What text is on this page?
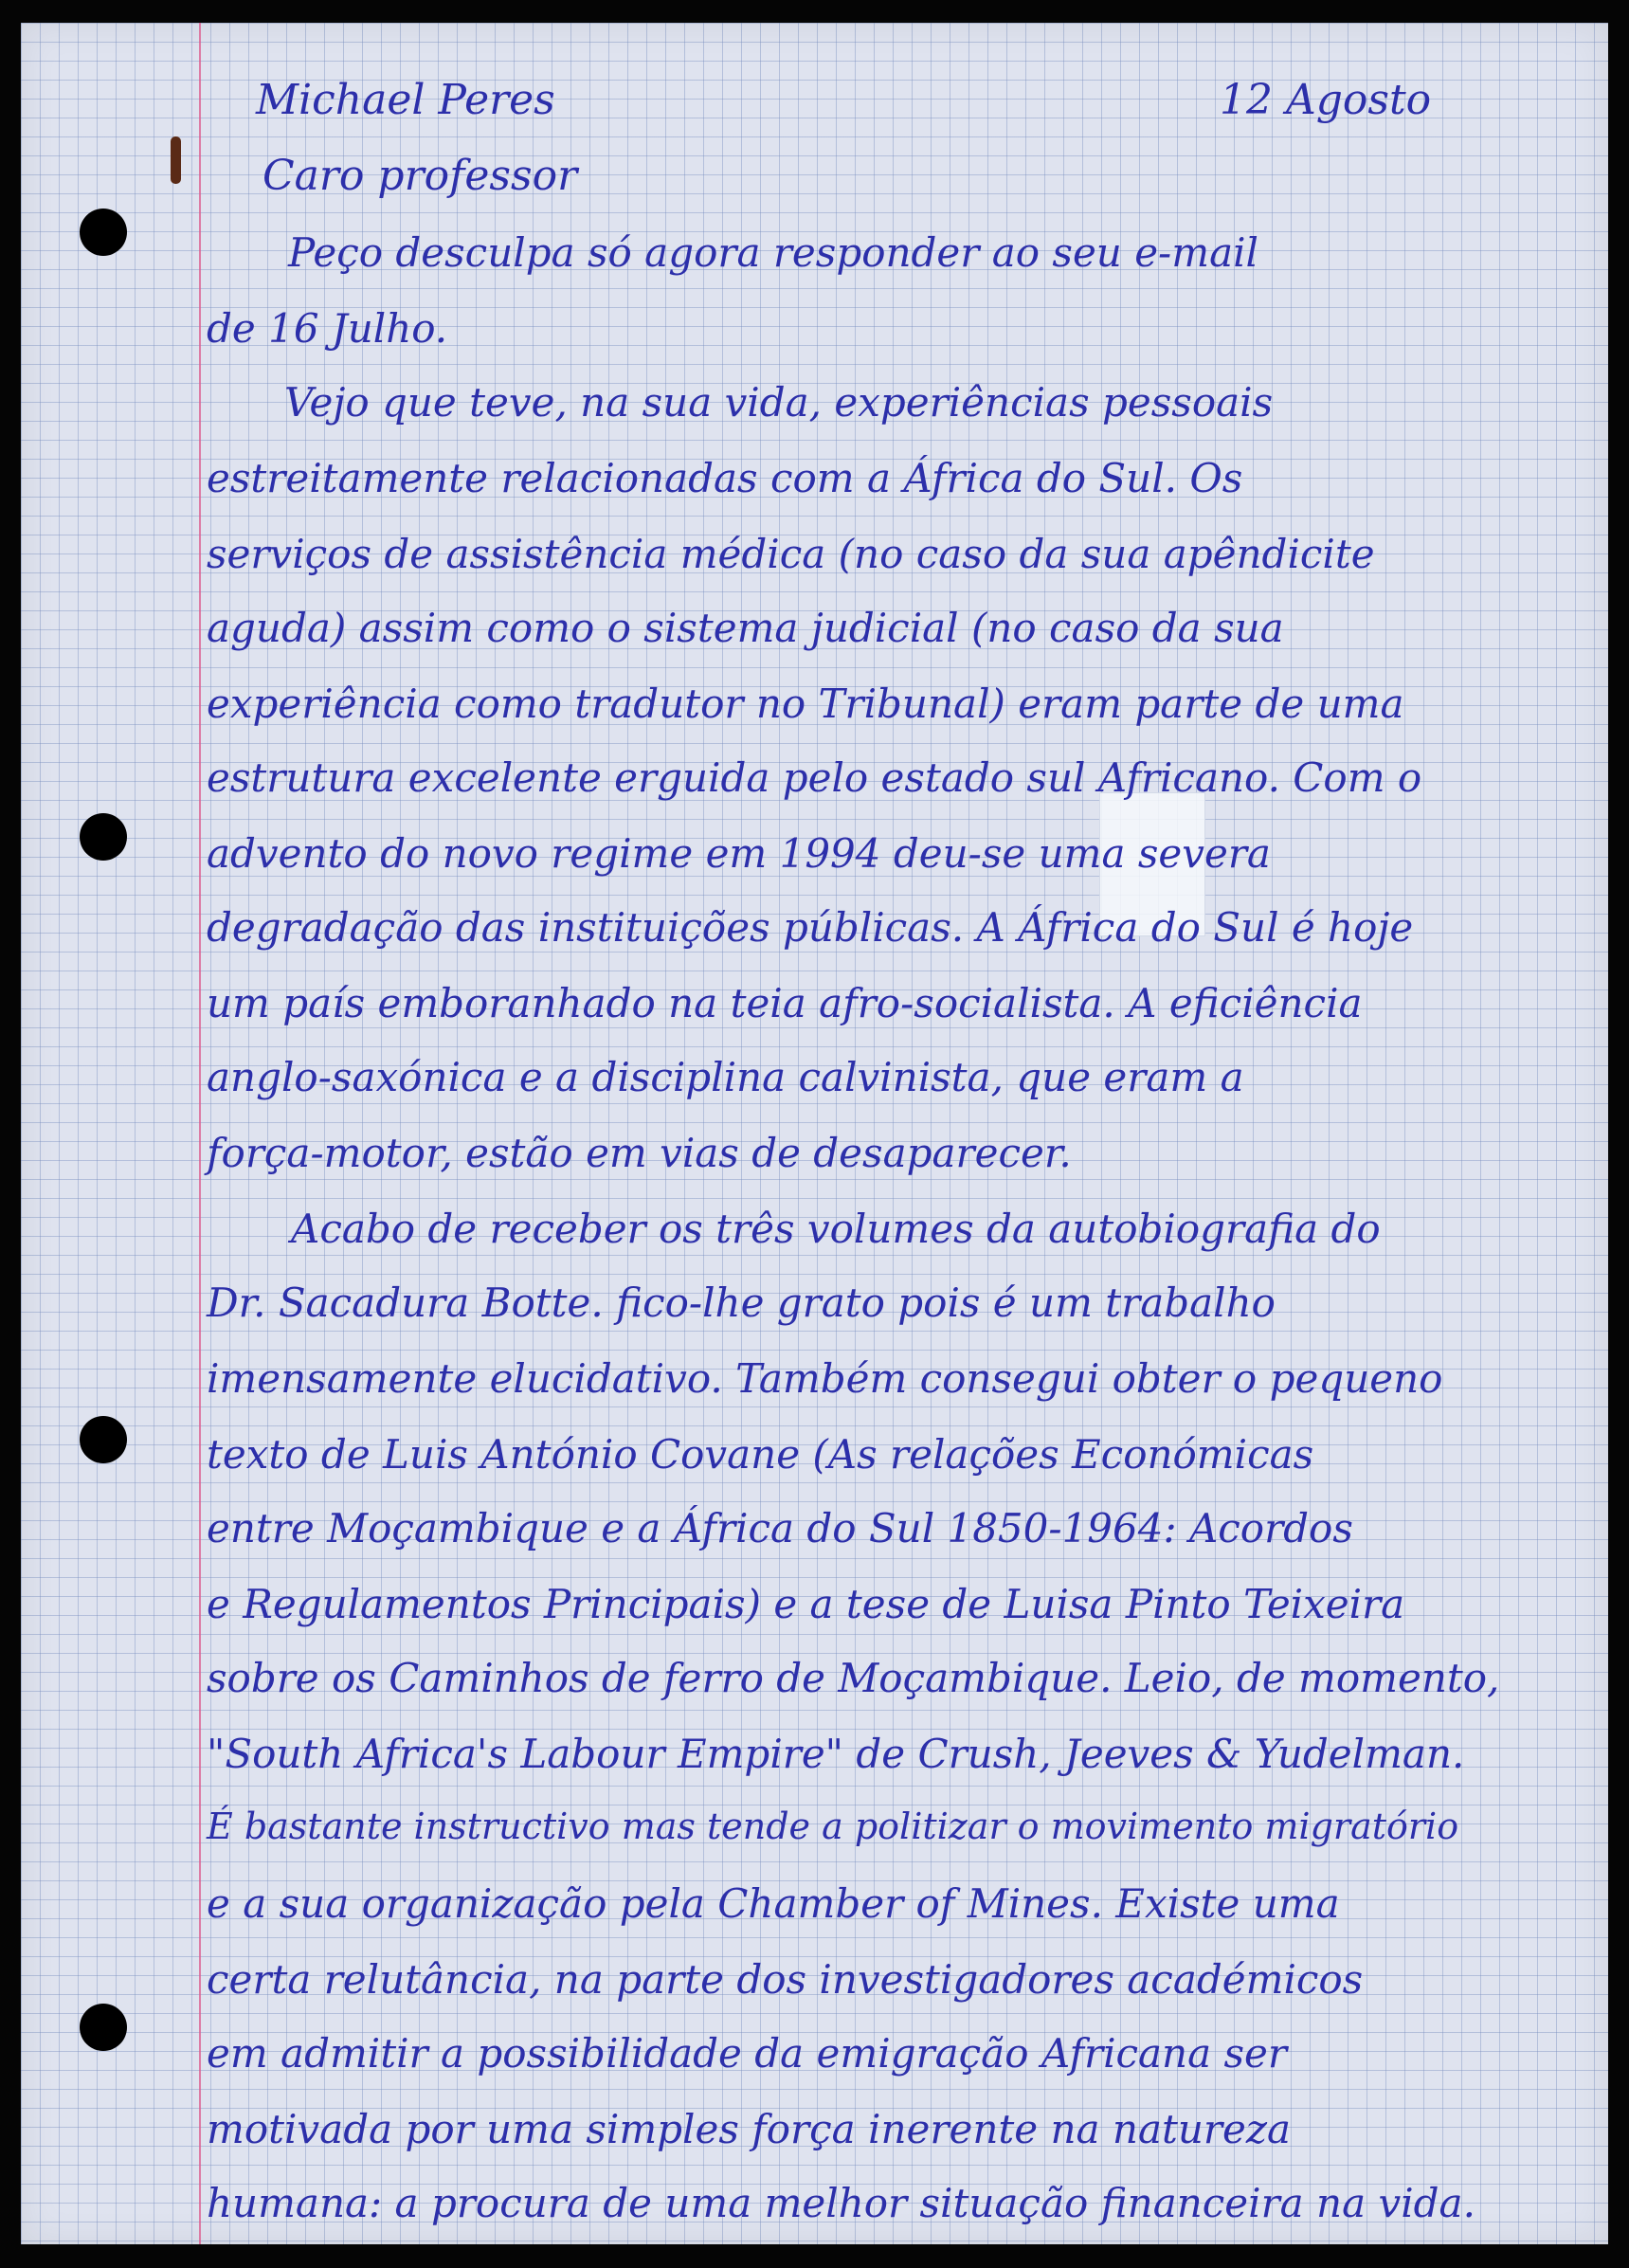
Michael Peres	12 Agosto
Caro professor
Peço desculpa só agora responder ao seu e-mail
de 16 Julho.
Vejo que teve, na sua vida, experiências pessoais
estreitamente relacionadas com a África do Sul. Os
serviços de assistência médica (no caso da sua apêndicite
aguda) assim como o sistema judicial (no caso da sua
experiência como tradutor no Tribunal) eram parte de uma
estrutura excelente erguida pelo estado sul Africano. Com o
advento do novo regime em 1994 deu-se uma severa
degradação das instituições públicas. A África do Sul é hoje
um país emboranhado na teia afro-socialista. A eficiência
anglo-saxónica e a disciplina calvinista, que eram a
força-motor, estão em vias de desaparecer.
Acabo de receber os três volumes da autobiografia do
Dr. Sacadura Botte. fico-lhe grato pois é um trabalho
imensamente elucidativo. Também consegui obter o pequeno
texto de Luis António Covane (As relações Económicas
entre Moçambique e a África do Sul 1850-1964: Acordos
e Regulamentos Principais) e a tese de Luisa Pinto Teixeira
sobre os Caminhos de ferro de Moçambique. Leio, de momento,
"South Africa's Labour Empire" de Crush, Jeeves & Yudelman.
É bastante instructivo mas tende a politizar o movimento migratório
e a sua organização pela Chamber of Mines. Existe uma
certa relutância, na parte dos investigadores académicos
em admitir a possibilidade da emigração Africana ser
motivada por uma simples força inerente na natureza
humana: a procura de uma melhor situação financeira na vida.
